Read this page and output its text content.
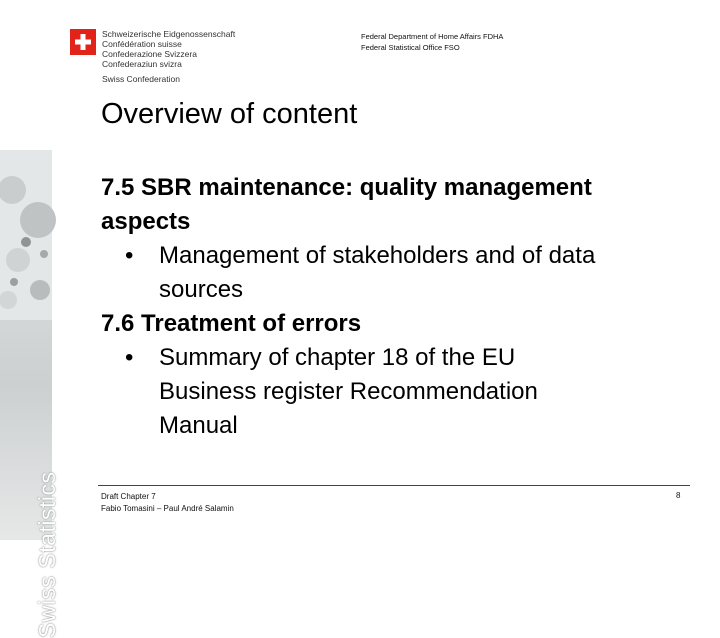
Swiss Statistics
Schweizerische Eidgenossenschaft
Confédération suisse
Confederazione Svizzera
Confederaziun svizra
Swiss Confederation
Federal Department of Home Affairs FDHA
Federal Statistical Office FSO
Overview of content
7.5 SBR maintenance: quality management
aspects
• Management of stakeholders and of data
sources
7.6 Treatment of errors
• Summary of chapter 18 of the EU
Business register Recommendation
Manual
Draft Chapter 7
Fabio Tomasini – Paul André Salamin
8
